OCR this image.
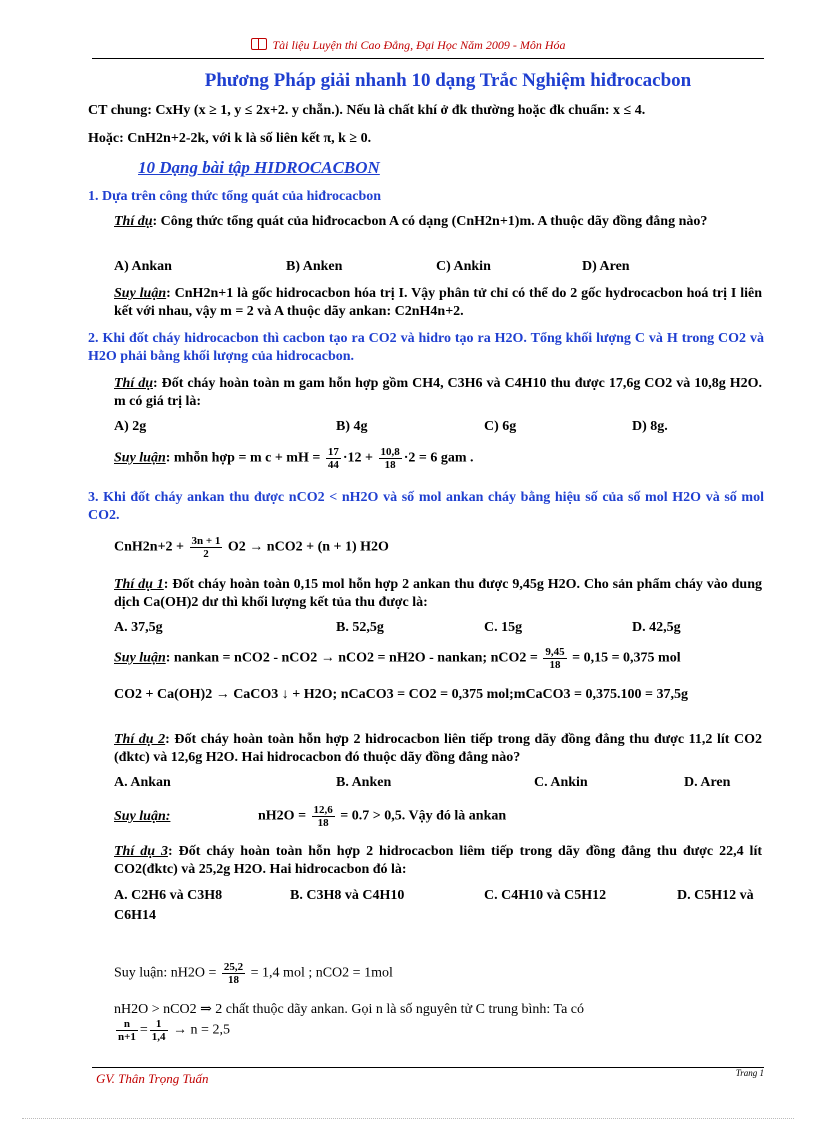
Tài liệu Luyện thi Cao Đẳng, Đại Học Năm 2009 - Môn Hóa
Phương Pháp giải nhanh 10 dạng Trắc Nghiệm hiđrocacbon
CT chung: CxHy (x ≥ 1, y ≤ 2x+2. y chẵn.). Nếu là chất khí ở đk thường hoặc đk chuẩn: x ≤ 4.
Hoặc: CnH2n+2-2k, với k là số liên kết π, k ≥ 0.
10 Dạng bài tập HIDROCACBON
1. Dựa trên công thức tổng quát của hiđrocacbon
Thí dụ: Công thức tổng quát của hiđrocacbon A có dạng (CnH2n+1)m. A thuộc dãy đồng đẳng nào?
A) Ankan	B) Anken	C) Ankin	D) Aren
Suy luận: CnH2n+1 là gốc hidrocacbon hóa trị I. Vậy phân tử chỉ có thể do 2 gốc hydrocacbon hoá trị I liên kết với nhau, vậy m = 2 và A thuộc dãy ankan: C2nH4n+2.
2. Khi đốt cháy hidrocacbon thì cacbon tạo ra CO2 và hidro tạo ra H2O. Tổng khối lượng C và H trong CO2 và H2O phải bằng khối lượng của hidrocacbon.
Thí dụ: Đốt cháy hoàn toàn m gam hỗn hợp gồm CH4, C3H6 và C4H10 thu được 17,6g CO2 và 10,8g H2O. m có giá trị là:
A) 2g	B) 4g	C) 6g	D) 8g.
Suy luận: mhỗn hợp = m c + mH = $\frac{17}{44} \cdot 12 + \frac{10,8}{18} \cdot 2 = 6$ gam .
3. Khi đốt cháy ankan thu được nCO2 < nH2O và số mol ankan cháy bằng hiệu số của số mol H2O và số mol CO2.
$CnH2n+2 + \frac{3n + 1}{2} O2 \to nCO2 + (n + 1)$ H2O
Thí dụ 1: Đốt cháy hoàn toàn 0,15 mol hỗn hợp 2 ankan thu được 9,45g H2O. Cho sản phẩm cháy vào dung dịch Ca(OH)2 dư thì khối lượng kết tủa thu được là:
A. 37,5g	B. 52,5g	C. 15g	D. 42,5g
Suy luận: nankan = nCO2 - nCO2 → nCO2 = nH2O - nankan; $nCO2 = \frac{9,45}{18} = 0,15 = 0,375$ mol
CO2 + Ca(OH)2 → CaCO3 ↓ + H2O; nCaCO3 = CO2 = 0,375 mol;mCaCO3 = 0,375.100 = 37,5g
Thí dụ 2: Đốt cháy hoàn toàn hỗn hợp 2 hidrocacbon liên tiếp trong dãy đồng đẳng thu được 11,2 lít CO2 (đktc) và 12,6g H2O. Hai hidrocacbon đó thuộc dãy đồng đẳng nào?
A. Ankan	B. Anken	C. Ankin	D. Aren
Suy luận:	$nH2O = \frac{12,6}{18} = 0.7 > 0,5$. Vậy đó là ankan
Thí dụ 3: Đốt cháy hoàn toàn hỗn hợp 2 hidrocacbon liêm tiếp trong dãy đồng đẳng thu được 22,4 lít CO2(đktc) và 25,2g H2O. Hai hidrocacbon đó là:
A. C2H6 và C3H8	B. C3H8 và C4H10	C. C4H10 và C5H12	D. C5H12 và
C6H14
Suy luận: $nH2O = \frac{25,2}{18} = 1,4$ mol ; nCO2 = 1mol
nH2O > nCO2 ⇒ 2 chất thuộc dãy ankan. Gọi n là số nguyên tử C trung bình: Ta có
$\frac{n}{n+1} = \frac{1}{1,4} \to n = 2,5$
GV. Thân Trọng Tuấn	Trang 1
